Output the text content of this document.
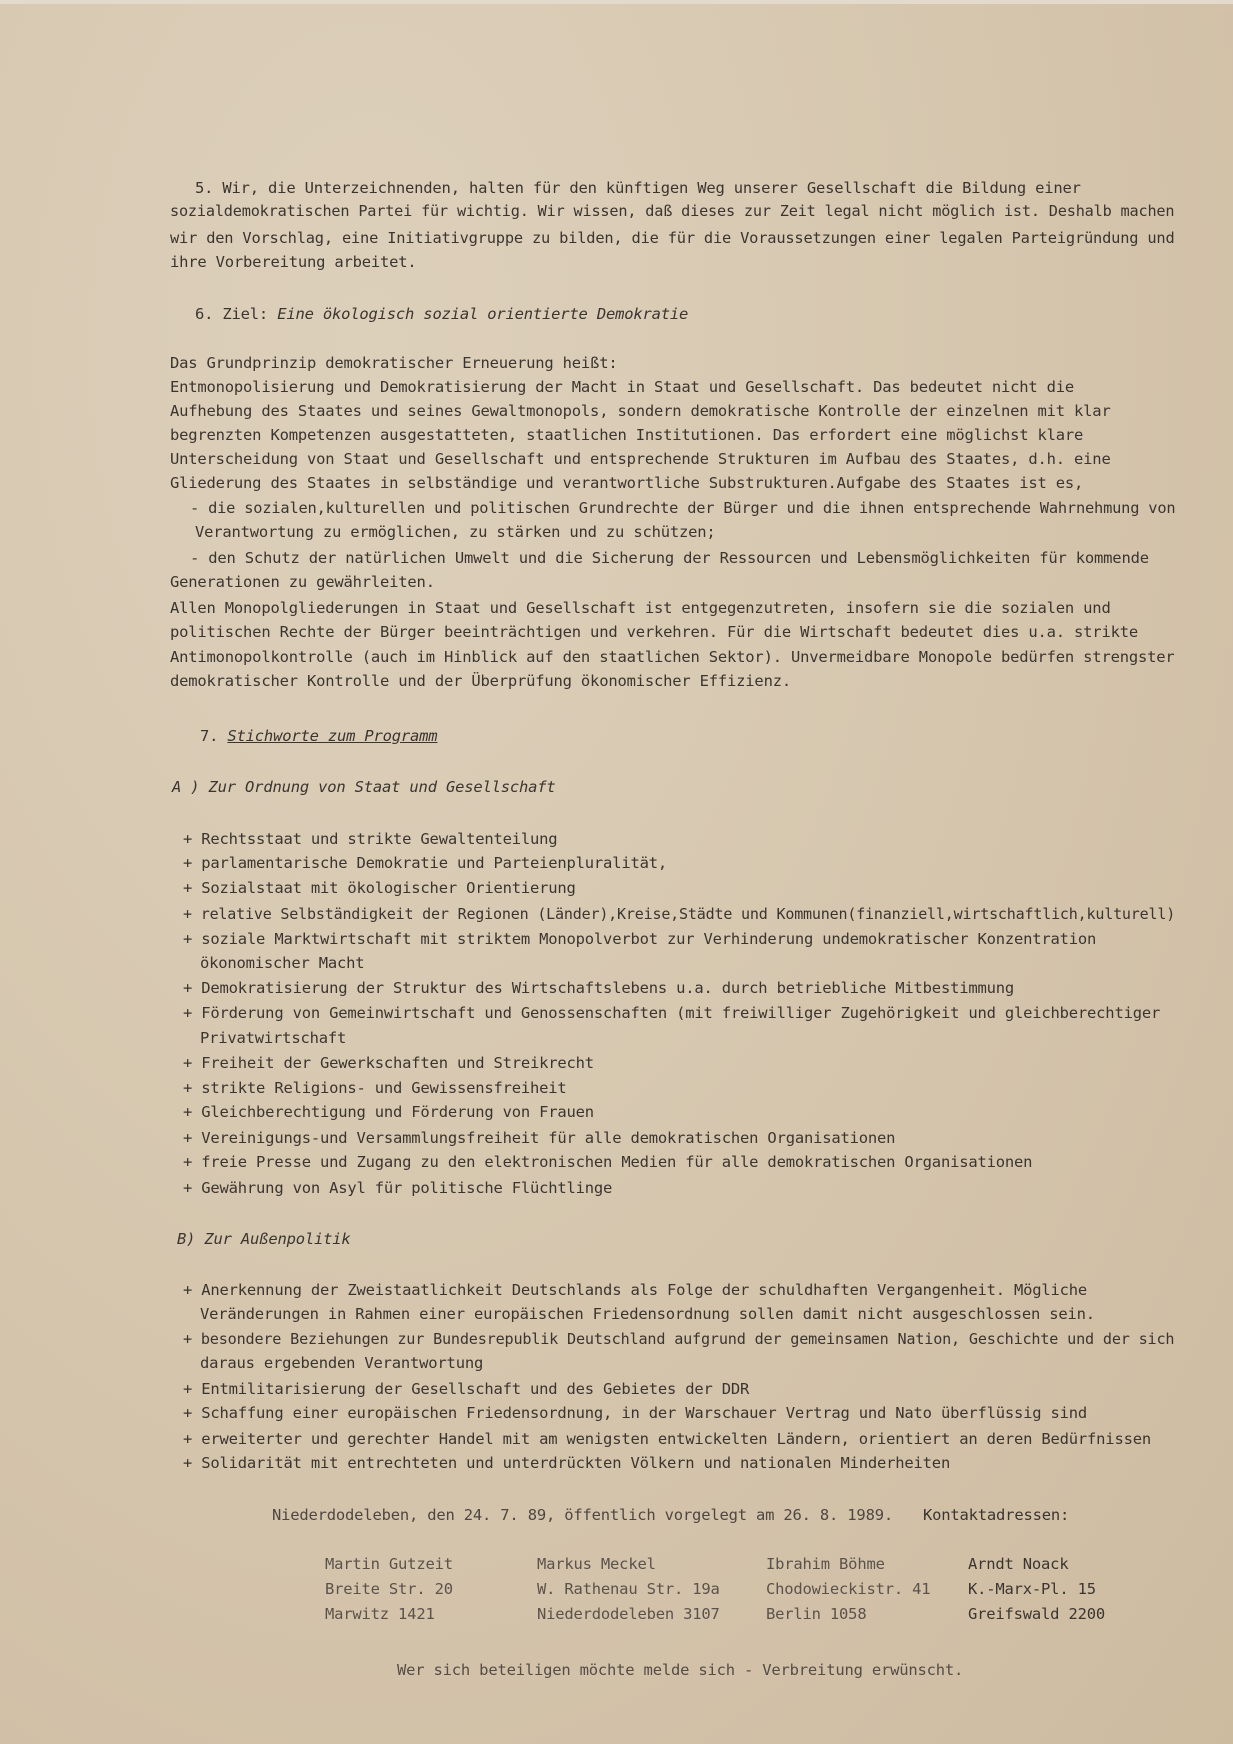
5. Wir, die Unterzeichnenden, halten für den künftigen Weg unserer Gesellschaft die Bildung einer
sozialdemokratischen Partei für wichtig. Wir wissen, daß dieses zur Zeit legal nicht möglich ist. Deshalb machen
wir den Vorschlag, eine Initiativgruppe zu bilden, die für die Voraussetzungen einer legalen Parteigründung und
ihre Vorbereitung arbeitet.
6. Ziel: Eine ökologisch sozial orientierte Demokratie
Das Grundprinzip demokratischer Erneuerung heißt:
Entmonopolisierung und Demokratisierung der Macht in Staat und Gesellschaft. Das bedeutet nicht die
Aufhebung des Staates und seines Gewaltmonopols, sondern demokratische Kontrolle der einzelnen mit klar
begrenzten Kompetenzen ausgestatteten, staatlichen Institutionen. Das erfordert eine möglichst klare
Unterscheidung von Staat und Gesellschaft und entsprechende Strukturen im Aufbau des Staates, d.h. eine
Gliederung des Staates in selbständige und verantwortliche Substrukturen.Aufgabe des Staates ist es,
- die sozialen,kulturellen und politischen Grundrechte der Bürger und die ihnen entsprechende Wahrnehmung von
Verantwortung zu ermöglichen, zu stärken und zu schützen;
- den Schutz der natürlichen Umwelt und die Sicherung der Ressourcen und Lebensmöglichkeiten für kommende
Generationen zu gewährleiten.
Allen Monopolgliederungen in Staat und Gesellschaft ist entgegenzutreten, insofern sie die sozialen und
politischen Rechte der Bürger beeinträchtigen und verkehren. Für die Wirtschaft bedeutet dies u.a. strikte
Antimonopolkontrolle (auch im Hinblick auf den staatlichen Sektor). Unvermeidbare Monopole bedürfen strengster
demokratischer Kontrolle und der Überprüfung ökonomischer Effizienz.
7. Stichworte zum Programm
A ) Zur Ordnung von Staat und Gesellschaft
+ Rechtsstaat und strikte Gewaltenteilung
+ parlamentarische Demokratie und Parteienpluralität,
+ Sozialstaat mit ökologischer Orientierung
+ relative Selbständigkeit der Regionen (Länder),Kreise,Städte und Kommunen(finanziell,wirtschaftlich,kulturell)
+ soziale Marktwirtschaft mit striktem Monopolverbot zur Verhinderung undemokratischer Konzentration
ökonomischer Macht
+ Demokratisierung der Struktur des Wirtschaftslebens u.a. durch betriebliche Mitbestimmung
+ Förderung von Gemeinwirtschaft und Genossenschaften (mit freiwilliger Zugehörigkeit und gleichberechtiger
Privatwirtschaft
+ Freiheit der Gewerkschaften und Streikrecht
+ strikte Religions- und Gewissensfreiheit
+ Gleichberechtigung und Förderung von Frauen
+ Vereinigungs-und Versammlungsfreiheit für alle demokratischen Organisationen
+ freie Presse und Zugang zu den elektronischen Medien für alle demokratischen Organisationen
+ Gewährung von Asyl für politische Flüchtlinge
B) Zur Außenpolitik
+ Anerkennung der Zweistaatlichkeit Deutschlands als Folge der schuldhaften Vergangenheit. Mögliche
Veränderungen in Rahmen einer europäischen Friedensordnung sollen damit nicht ausgeschlossen sein.
+ besondere Beziehungen zur Bundesrepublik Deutschland aufgrund der gemeinsamen Nation, Geschichte und der sich
daraus ergebenden Verantwortung
+ Entmilitarisierung der Gesellschaft und des Gebietes der DDR
+ Schaffung einer europäischen Friedensordnung, in der Warschauer Vertrag und Nato überflüssig sind
+ erweiterter und gerechter Handel mit am wenigsten entwickelten Ländern, orientiert an deren Bedürfnissen
+ Solidarität mit entrechteten und unterdrückten Völkern und nationalen Minderheiten
Niederdodeleben, den 24. 7. 89, öffentlich vorgelegt am 26. 8. 1989. Kontaktadressen:
Martin Gutzeit
Breite Str. 20
Marwitz 1421
Markus Meckel
W. Rathenau Str. 19a
Niederdodeleben 3107
Ibrahim Böhme
Chodowieckistr. 41
Berlin 1058
Arndt Noack
K.-Marx-Pl. 15
Greifswald 2200
Wer sich beteiligen möchte melde sich - Verbreitung erwünscht.
